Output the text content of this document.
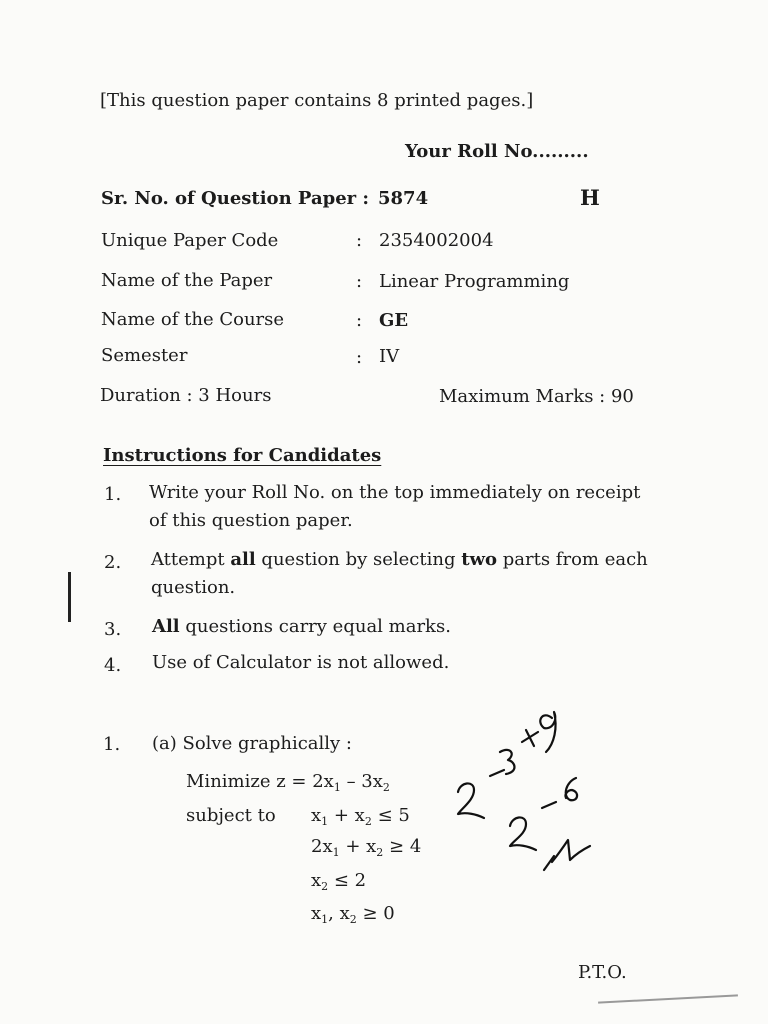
[This question paper contains 8 printed pages.]
Your Roll No.........
Sr. No. of Question Paper : 5874	H
Unique Paper Code	: 2354002004
Name of the Paper	: Linear Programming
Name of the Course	: GE
Semester	: IV
Duration : 3 Hours	Maximum Marks : 90
Instructions for Candidates
1. Write your Roll No. on the top immediately on receipt
of this question paper.
2. Attempt all question by selecting two parts from each
question.
3. All questions carry equal marks.
4. Use of Calculator is not allowed.
1. (a) Solve graphically :
Minimize $z = 2x_1 - 3x_2$
subject to $x_1 + x_2 \le 5$
$2x_1 + x_2 \ge 4$
$x_2 \le 2$
$x_1$, $x_2 \ge 0$
P.T.O.
